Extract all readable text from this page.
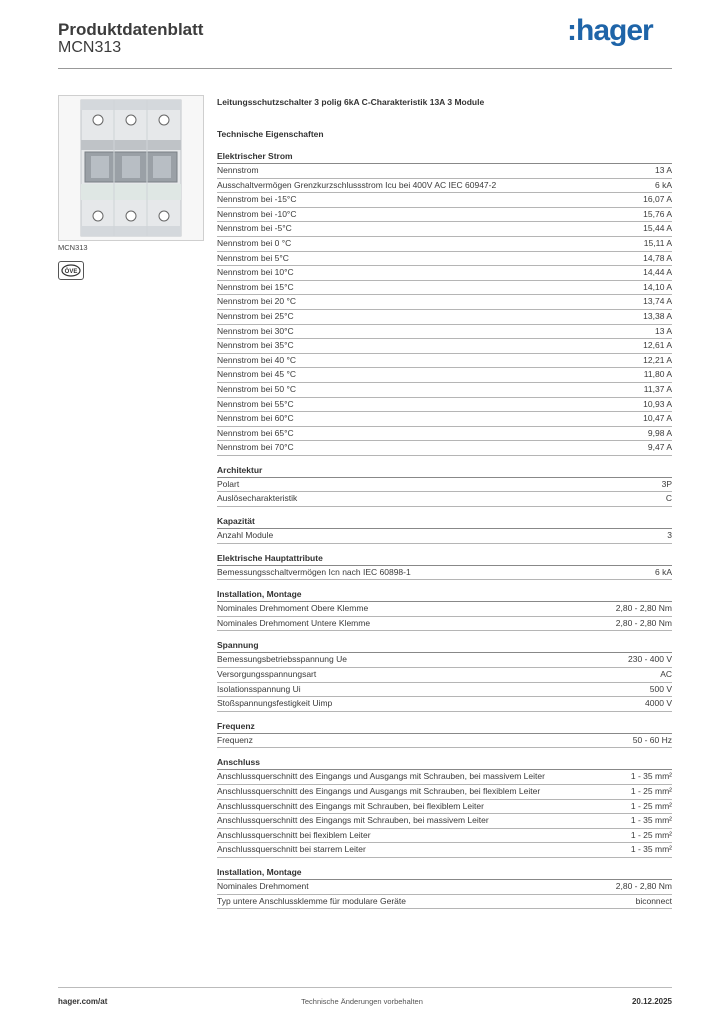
Produktdatenblatt
MCN313
:hager
MCN313
ÖVE
Leitungsschutzschalter 3 polig 6kA C-Charakteristik 13A 3 Module
Technische Eigenschaften
Elektrischer Strom
Nennstrom	13 A
Ausschaltvermögen Grenzkurzschlussstrom Icu bei 400V AC IEC 60947-2	6 kA
Nennstrom bei -15°C	16,07 A
Nennstrom bei -10°C	15,76 A
Nennstrom bei -5°C	15,44 A
Nennstrom bei 0 °C	15,11 A
Nennstrom bei 5°C	14,78 A
Nennstrom bei 10°C	14,44 A
Nennstrom bei 15°C	14,10 A
Nennstrom bei 20 °C	13,74 A
Nennstrom bei 25°C	13,38 A
Nennstrom bei 30°C	13 A
Nennstrom bei 35°C	12,61 A
Nennstrom bei 40 °C	12,21 A
Nennstrom bei 45 °C	11,80 A
Nennstrom bei 50 °C	11,37 A
Nennstrom bei 55°C	10,93 A
Nennstrom bei 60°C	10,47 A
Nennstrom bei 65°C	9,98 A
Nennstrom bei 70°C	9,47 A
Architektur
Polart	3P
Auslösecharakteristik	C
Kapazität
Anzahl Module	3
Elektrische Hauptattribute
Bemessungsschaltvermögen Icn nach IEC 60898-1	6 kA
Installation, Montage
Nominales Drehmoment Obere Klemme	2,80 - 2,80 Nm
Nominales Drehmoment Untere Klemme	2,80 - 2,80 Nm
Spannung
Bemessungsbetriebsspannung Ue	230 - 400 V
Versorgungsspannungsart	AC
Isolationsspannung Ui	500 V
Stoßspannungsfestigkeit Uimp	4000 V
Frequenz
Frequenz	50 - 60 Hz
Anschluss
Anschlussquerschnitt des Eingangs und Ausgangs mit Schrauben, bei massivem Leiter	1 - 35 mm²
Anschlussquerschnitt des Eingangs und Ausgangs mit Schrauben, bei flexiblem Leiter	1 - 25 mm²
Anschlussquerschnitt des Eingangs mit Schrauben, bei flexiblem Leiter	1 - 25 mm²
Anschlussquerschnitt des Eingangs mit Schrauben, bei massivem Leiter	1 - 35 mm²
Anschlussquerschnitt bei flexiblem Leiter	1 - 25 mm²
Anschlussquerschnitt bei starrem Leiter	1 - 35 mm²
Installation, Montage
Nominales Drehmoment	2,80 - 2,80 Nm
Typ untere Anschlussklemme für modulare Geräte	biconnect
hager.com/at	Technische Änderungen vorbehalten	20.12.2025
